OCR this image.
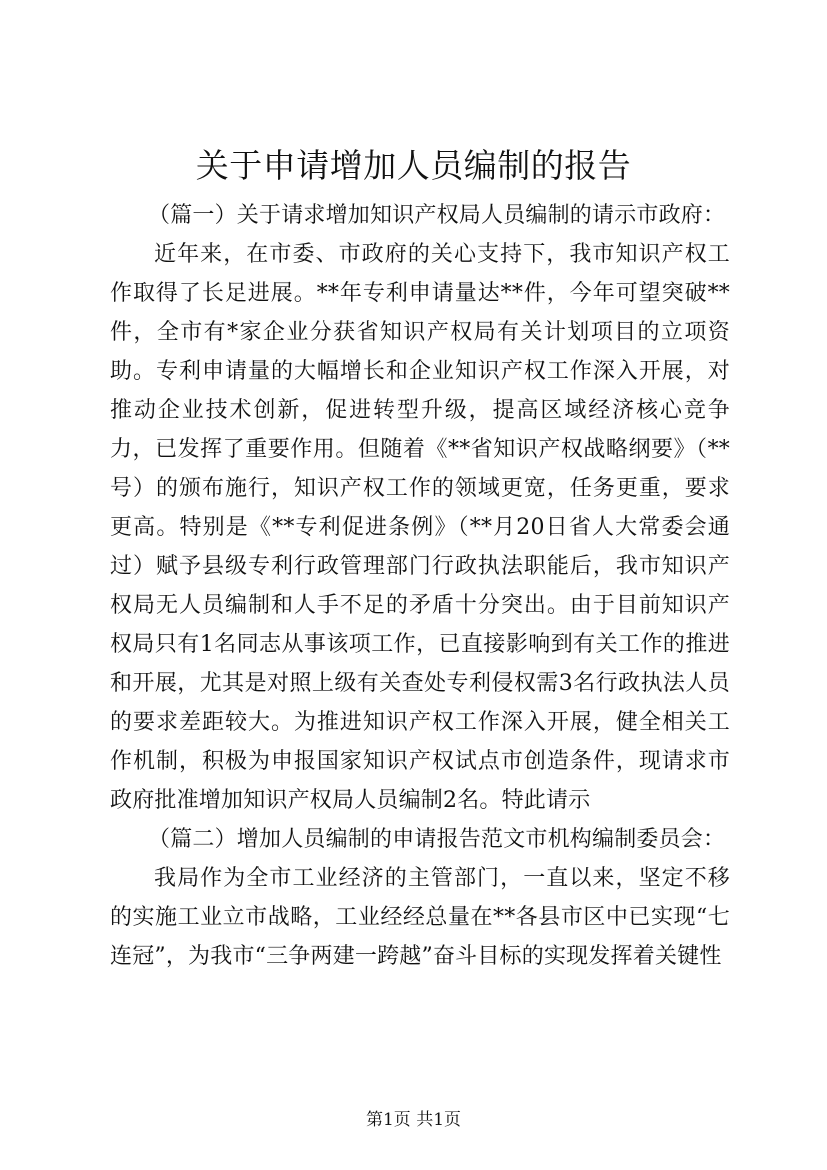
关于申请增加人员编制的报告

（篇一）关于请求增加知识产权局人员编制的请示市政府：

近年来，在市委、市政府的关心支持下，我市知识产权工作取得了长足进展。**年专利申请量达**件，今年可望突破**件，全市有*家企业分获省知识产权局有关计划项目的立项资助。专利申请量的大幅增长和企业知识产权工作深入开展，对推动企业技术创新，促进转型升级，提高区域经济核心竞争力，已发挥了重要作用。但随着《**省知识产权战略纲要》（**号）的颁布施行，知识产权工作的领域更宽，任务更重，要求更高。特别是《**专利促进条例》（**月20日省人大常委会通过）赋予县级专利行政管理部门行政执法职能后，我市知识产权局无人员编制和人手不足的矛盾十分突出。由于目前知识产权局只有1名同志从事该项工作，已直接影响到有关工作的推进和开展，尤其是对照上级有关查处专利侵权需3名行政执法人员的要求差距较大。为推进知识产权工作深入开展，健全相关工作机制，积极为申报国家知识产权试点市创造条件，现请求市政府批准增加知识产权局人员编制2名。特此请示

（篇二）增加人员编制的申请报告范文市机构编制委员会：

我局作为全市工业经济的主管部门，一直以来，坚定不移的实施工业立市战略，工业经经总量在**各县市区中已实现“七连冠”，为我市“三争两建一跨越”奋斗目标的实现发挥着关键性

第1页 共1页
